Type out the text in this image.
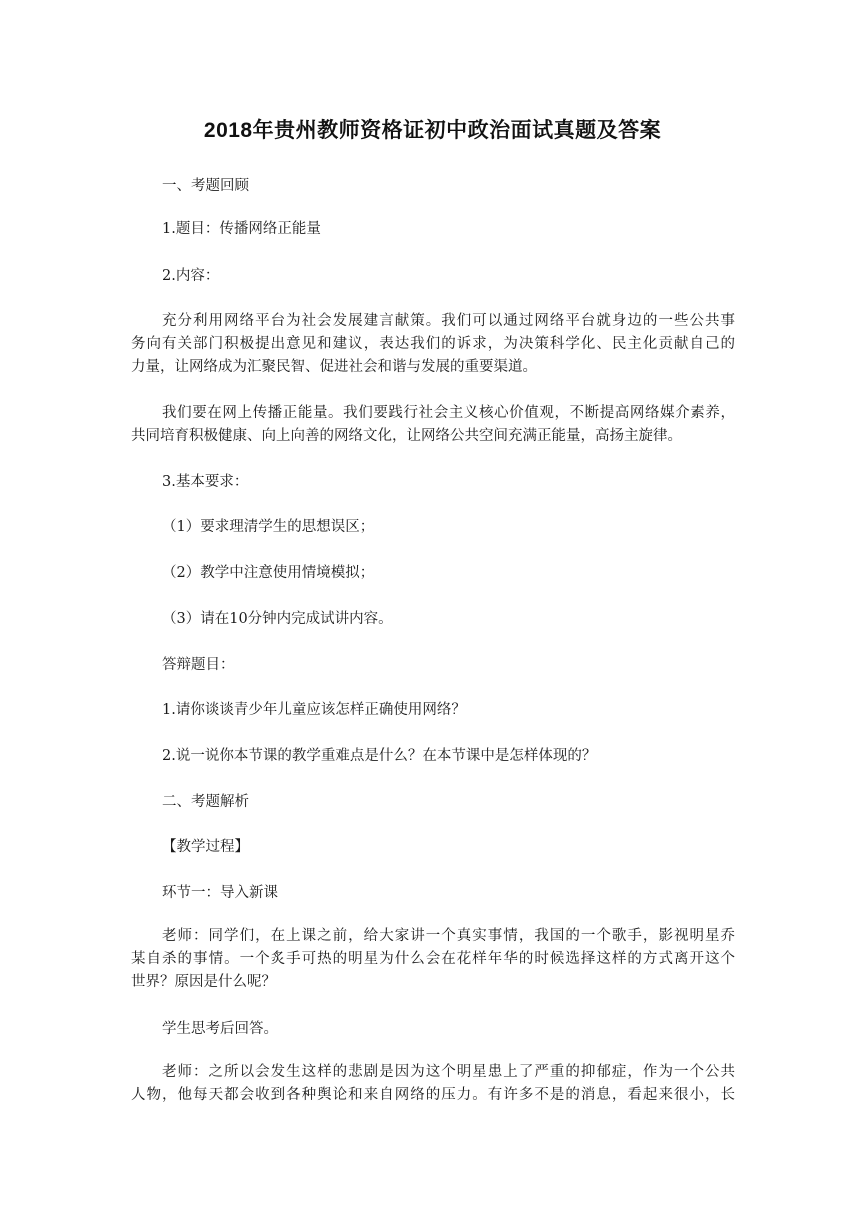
2018年贵州教师资格证初中政治面试真题及答案
一、考题回顾
1.题目：传播网络正能量
2.内容：
充分利用网络平台为社会发展建言献策。我们可以通过网络平台就身边的一些公共事
务向有关部门积极提出意见和建议，表达我们的诉求，为决策科学化、民主化贡献自己的
力量，让网络成为汇聚民智、促进社会和谐与发展的重要渠道。
我们要在网上传播正能量。我们要践行社会主义核心价值观，不断提高网络媒介素养，
共同培育积极健康、向上向善的网络文化，让网络公共空间充满正能量，高扬主旋律。
3.基本要求：
（1）要求理清学生的思想误区；
（2）教学中注意使用情境模拟；
（3）请在10分钟内完成试讲内容。
答辩题目：
1.请你谈谈青少年儿童应该怎样正确使用网络？
2.说一说你本节课的教学重难点是什么？在本节课中是怎样体现的？
二、考题解析
【教学过程】
环节一：导入新课
老师：同学们，在上课之前，给大家讲一个真实事情，我国的一个歌手，影视明星乔
某自杀的事情。一个炙手可热的明星为什么会在花样年华的时候选择这样的方式离开这个
世界？原因是什么呢？
学生思考后回答。
老师：之所以会发生这样的悲剧是因为这个明星患上了严重的抑郁症，作为一个公共
人物，他每天都会收到各种舆论和来自网络的压力。有许多不是的消息，看起来很小，长
